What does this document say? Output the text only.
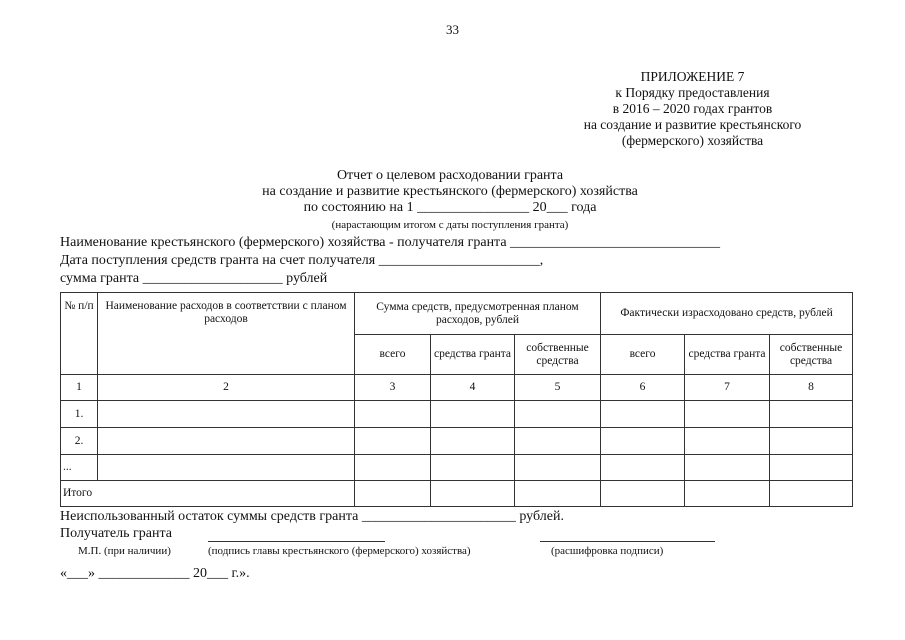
33
ПРИЛОЖЕНИЕ 7
к Порядку предоставления
в 2016 – 2020 годах грантов
на создание и развитие крестьянского
(фермерского) хозяйства
Отчет о целевом расходовании гранта
на создание и развитие крестьянского (фермерского) хозяйства
по состоянию на 1 ________________ 20___ года
(нарастающим итогом с даты поступления гранта)
Наименование крестьянского (фермерского) хозяйства - получателя гранта ______________________________
Дата поступления средств гранта на счет получателя _______________________,
сумма гранта ____________________ рублей
№ п/п	Наименование расходов в соответствии с планом расходов	Сумма средств, предусмотренная планом расходов, рублей			Фактически израсходовано средств, рублей		
		всего	средства гранта	собственные средства	всего	средства гранта	собственные средства
1	2	3	4	5	6	7	8
1.							
2.							
...							
Итого							
Неиспользованный остаток суммы средств гранта ______________________ рублей.
Получатель гранта
М.П. (при наличии)	(подпись главы крестьянского (фермерского) хозяйства)	(расшифровка подписи)
«___» _____________ 20___ г.».
